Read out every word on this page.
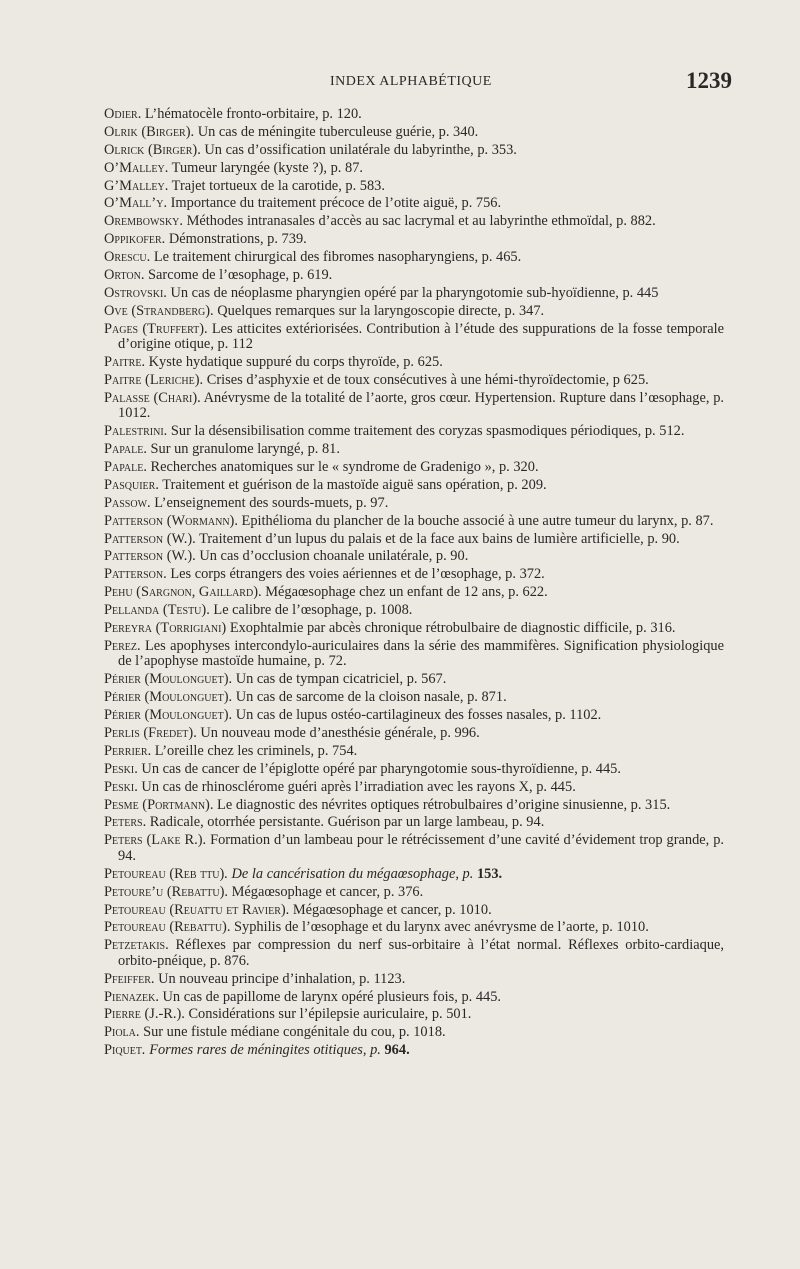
INDEX ALPHABÉTIQUE	1239
Odier. L’hématocèle fronto-orbitaire, p. 120.
Olrik (Birger). Un cas de méningite tuberculeuse guérie, p. 340.
Olrick (Birger). Un cas d’ossification unilatérale du labyrinthe, p. 353.
O’Malley. Tumeur laryngée (kyste ?), p. 87.
G’Malley. Trajet tortueux de la carotide, p. 583.
O’Mall’y. Importance du traitement précoce de l’otite aiguë, p. 756.
Orembowsky. Méthodes intranasales d’accès au sac lacrymal et au labyrinthe ethmoïdal, p. 882.
Oppikofer. Démonstrations, p. 739.
Orescu. Le traitement chirurgical des fibromes nasopharyngiens, p. 465.
Orton. Sarcome de l’œsophage, p. 619.
Ostrovski. Un cas de néoplasme pharyngien opéré par la pharyngotomie sub-hyoïdienne, p. 445
Ove (Strandberg). Quelques remarques sur la laryngoscopie directe, p. 347.
Pages (Truffert). Les atticites extériorisées. Contribution à l’étude des suppurations de la fosse temporale d’origine otique, p. 112
Paitre. Kyste hydatique suppuré du corps thyroïde, p. 625.
Paitre (Leriche). Crises d’asphyxie et de toux consécutives à une hémi-thyroïdectomie, p 625.
Palasse (Chari). Anévrysme de la totalité de l’aorte, gros cœur. Hypertension. Rupture dans l’œsophage, p. 1012.
Palestrini. Sur la désensibilisation comme traitement des coryzas spasmodiques périodiques, p. 512.
Papale. Sur un granulome laryngé, p. 81.
Papale. Recherches anatomiques sur le « syndrome de Gradenigo », p. 320.
Pasquier. Traitement et guérison de la mastoïde aiguë sans opération, p. 209.
Passow. L’enseignement des sourds-muets, p. 97.
Patterson (Wormann). Epithélioma du plancher de la bouche associé à une autre tumeur du larynx, p. 87.
Patterson (W.). Traitement d’un lupus du palais et de la face aux bains de lumière artificielle, p. 90.
Patterson (W.). Un cas d’occlusion choanale unilatérale, p. 90.
Patterson. Les corps étrangers des voies aériennes et de l’œsophage, p. 372.
Pehu (Sargnon, Gaillard). Mégaœsophage chez un enfant de 12 ans, p. 622.
Pellanda (Testu). Le calibre de l’œsophage, p. 1008.
Pereyra (Torrigiani) Exophtalmie par abcès chronique rétrobulbaire de diagnostic difficile, p. 316.
Perez. Les apophyses intercondylo-auriculaires dans la série des mammifères. Signification physiologique de l’apophyse mastoïde humaine, p. 72.
Périer (Moulonguet). Un cas de tympan cicatriciel, p. 567.
Périer (Moulonguet). Un cas de sarcome de la cloison nasale, p. 871.
Périer (Moulonguet). Un cas de lupus ostéo-cartilagineux des fosses nasales, p. 1102.
Perlis (Fredet). Un nouveau mode d’anesthésie générale, p. 996.
Perrier. L’oreille chez les criminels, p. 754.
Peski. Un cas de cancer de l’épiglotte opéré par pharyngotomie sous-thyroïdienne, p. 445.
Peski. Un cas de rhinosclérome guéri après l’irradiation avec les rayons X, p. 445.
Pesme (Portmann). Le diagnostic des névrites optiques rétrobulbaires d’origine sinusienne, p. 315.
Peters. Radicale, otorrhée persistante. Guérison par un large lambeau, p. 94.
Peters (Lake R.). Formation d’un lambeau pour le rétrécissement d’une cavité d’évidement trop grande, p. 94.
Petoureau (Reb ttu). De la cancérisation du mégaœsophage, p. 153.
Petoure’u (Rebattu). Mégaœsophage et cancer, p. 376.
Petoureau (Reuattu et Ravier). Mégaœsophage et cancer, p. 1010.
Petoureau (Rebattu). Syphilis de l’œsophage et du larynx avec anévrysme de l’aorte, p. 1010.
Petzetakis. Réflexes par compression du nerf sus-orbitaire à l’état normal. Réflexes orbito-cardiaque, orbito-pnéique, p. 876.
Pfeiffer. Un nouveau principe d’inhalation, p. 1123.
Pienazek. Un cas de papillome de larynx opéré plusieurs fois, p. 445.
Pierre (J.-R.). Considérations sur l’épilepsie auriculaire, p. 501.
Piola. Sur une fistule médiane congénitale du cou, p. 1018.
Piquet. Formes rares de méningites otitiques, p. 964.
